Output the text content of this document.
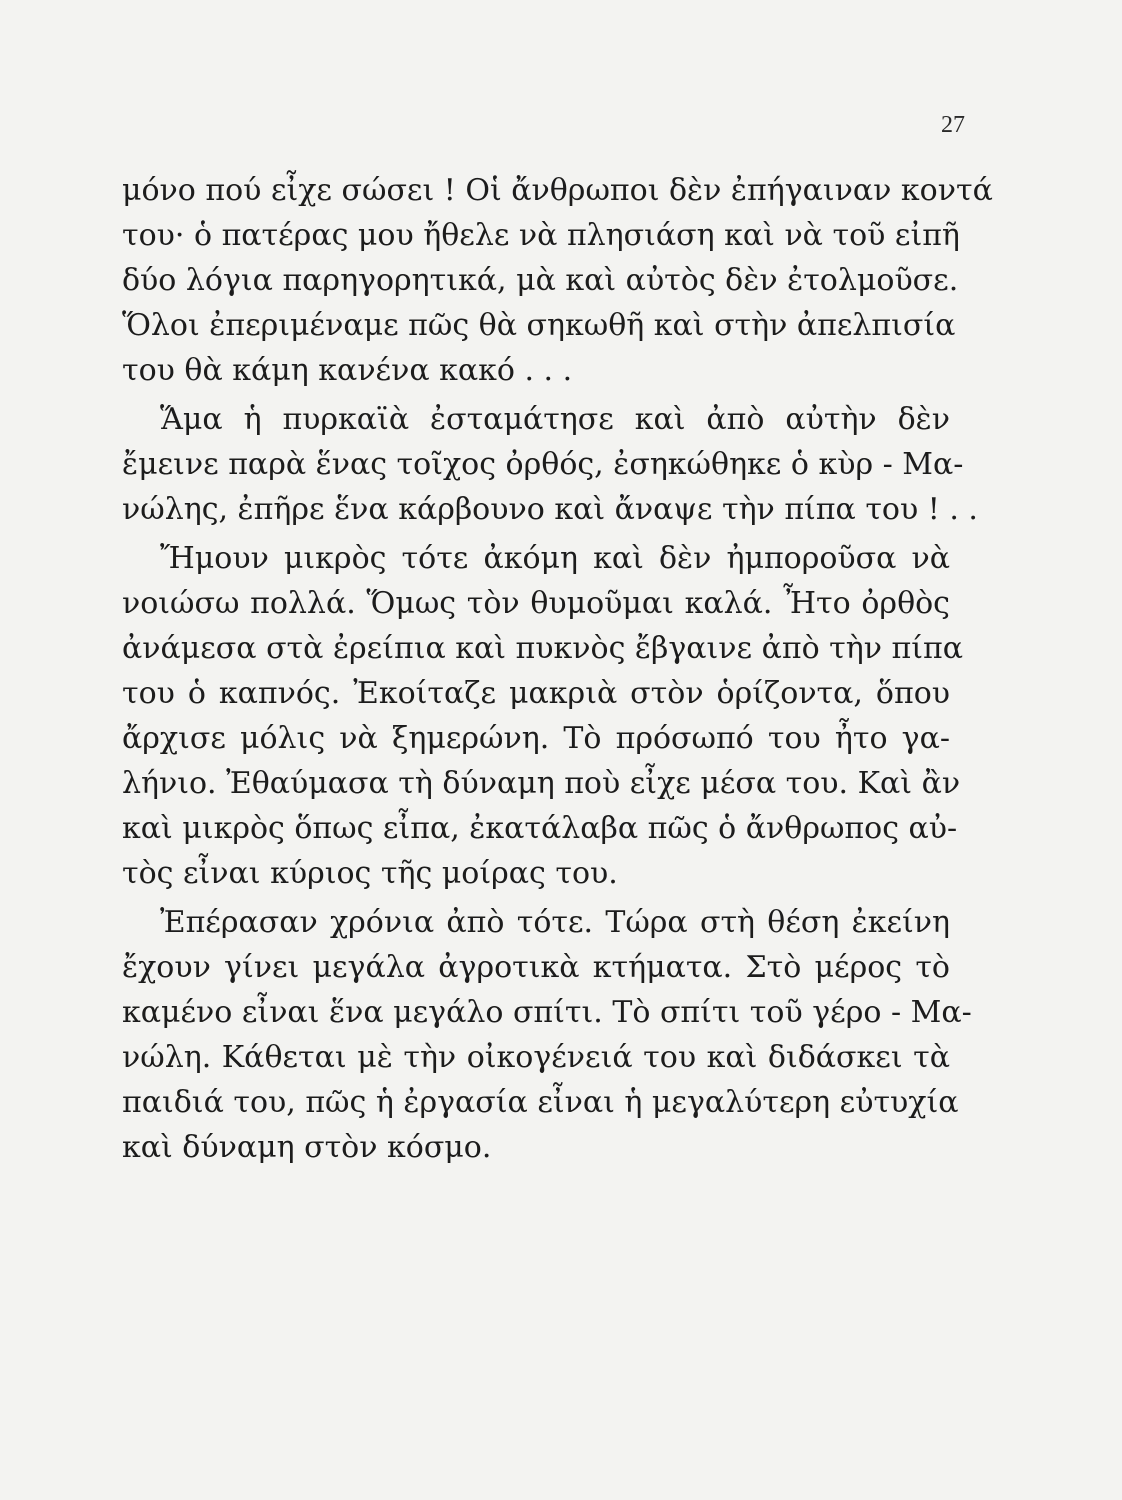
27
μόνο πού εἶχε σώσει ! Οἱ ἄνθρωποι δὲν ἐπήγαιναν κοντά
του· ὁ πατέρας μου ἤθελε νὰ πλησιάση καὶ νὰ τοῦ εἰπῆ
δύο λόγια παρηγορητικά, μὰ καὶ αὐτὸς δὲν ἐτολμοῦσε.
Ὅλοι ἐπεριμέναμε πῶς θὰ σηκωθῆ καὶ στὴν ἀπελπισία
του θὰ κάμη κανένα κακό . . .
Ἅμα ἡ πυρκαϊὰ ἐσταμάτησε καὶ ἀπὸ αὐτὴν δὲν
ἔμεινε παρὰ ἕνας τοῖχος ὀρθός, ἐσηκώθηκε ὁ κὺρ - Μα-
νώλης, ἐπῆρε ἕνα κάρβουνο καὶ ἄναψε τὴν πίπα του ! . .
Ἤμουν μικρὸς τότε ἀκόμη καὶ δὲν ἠμποροῦσα νὰ
νοιώσω πολλά. Ὅμως τὸν θυμοῦμαι καλά. Ἦτο ὀρθὸς
ἀνάμεσα στὰ ἐρείπια καὶ πυκνὸς ἔβγαινε ἀπὸ τὴν πίπα
του ὁ καπνός. Ἐκοίταζε μακριὰ στὸν ὁρίζοντα, ὅπου
ἄρχισε μόλις νὰ ξημερώνη. Τὸ πρόσωπό του ἦτο γα-
λήνιο. Ἐθαύμασα τὴ δύναμη ποὺ εἶχε μέσα του. Καὶ ἂν
καὶ μικρὸς ὅπως εἶπα, ἐκατάλαβα πῶς ὁ ἄνθρωπος αὐ-
τὸς εἶναι κύριος τῆς μοίρας του.
Ἐπέρασαν χρόνια ἀπὸ τότε. Τώρα στὴ θέση ἐκείνη
ἔχουν γίνει μεγάλα ἀγροτικὰ κτήματα. Στὸ μέρος τὸ
καμένο εἶναι ἕνα μεγάλο σπίτι. Τὸ σπίτι τοῦ γέρο - Μα-
νώλη. Κάθεται μὲ τὴν οἰκογένειά του καὶ διδάσκει τὰ
παιδιά του, πῶς ἡ ἐργασία εἶναι ἡ μεγαλύτερη εὐτυχία
καὶ δύναμη στὸν κόσμο.
